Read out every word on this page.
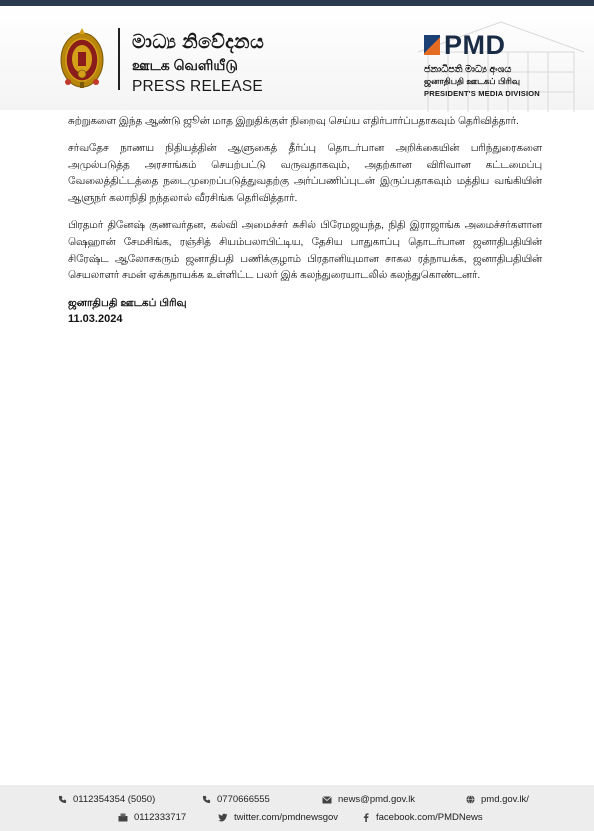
මාධ්‍ය නිවේදනය
ஊடக வெளியீடு
PRESS RELEASE
PMD
ජනාධිපති මාධ්‍ය අංශය
ஜனாதிபதி ஊடகப் பிரிவு
PRESIDENT'S MEDIA DIVISION

சுற்றுகளை இந்த ஆண்டு ஜூன் மாத இறுதிக்குள் நிறைவு செய்ய எதிர்பார்ப்பதாகவும் தெரிவித்தார்.

சர்வதேச நாணய நிதியத்தின் ஆளுகைத் தீர்ப்பு தொடர்பான அறிக்கையின் பரிந்துரைகளை அமுல்படுத்த அரசாங்கம் செயற்பட்டு வருவதாகவும், அதற்கான விரிவான கட்டமைப்பு வேலைத்திட்டத்தை நடைமுறைப்படுத்துவதற்கு அர்ப்பணிப்புடன் இருப்பதாகவும் மத்திய வங்கியின் ஆளுநர் கலாநிதி நந்தலால் வீரசிங்க தெரிவித்தார்.

பிரதமர் தினேஷ் குணவர்தன, கல்வி அமைச்சர் சுசில் பிரேமஜயந்த, நிதி இராஜாங்க அமைச்சர்களான ஷெஹான் சேமசிங்க, ரஞ்சித் சியம்பலாபிட்டிய, தேசிய பாதுகாப்பு தொடர்பான ஜனாதிபதியின் சிரேஷ்ட ஆலோசகரும் ஜனாதிபதி பணிக்குழாம் பிரதானியுமான சாகல ரத்நாயக்க, ஜனாதிபதியின் செயலாளர் சமன் ஏக்கநாயக்க உள்ளிட்ட பலர் இக் கலந்துரையாடலில் கலந்துகொண்டனர்.

ஜனாதிபதி ஊடகப் பிரிவு
11.03.2024
0112354354 (5050)	0770666555	news@pmd.gov.lk	pmd.gov.lk/
0112333717	twitter.com/pmdnewsgov	facebook.com/PMDNews
